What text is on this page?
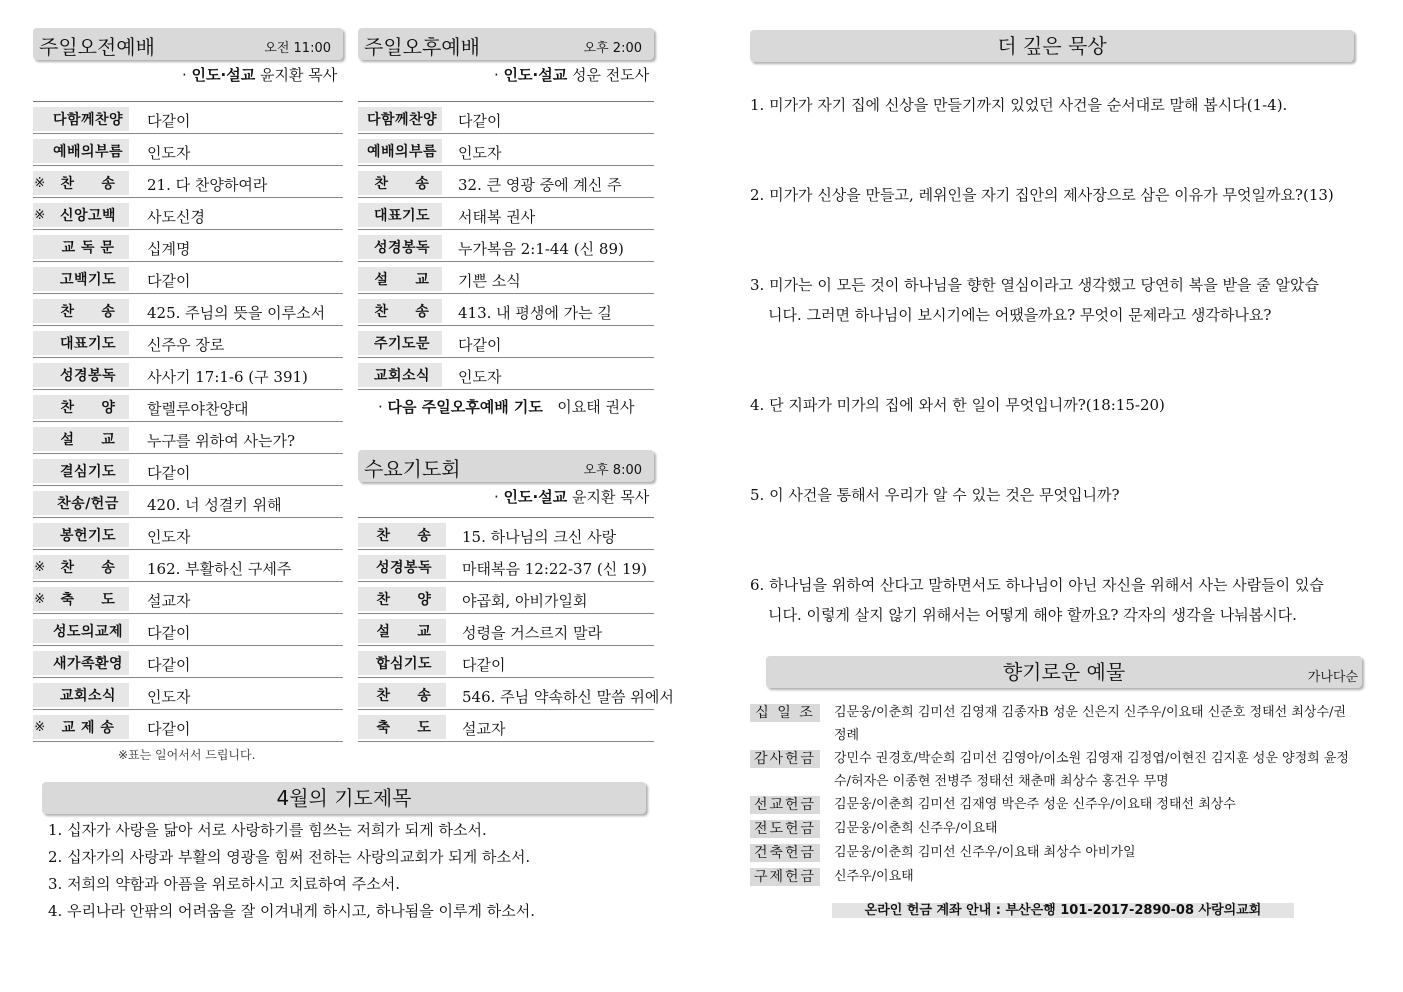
주일오전예배	오전 11:00
· 인도·설교 윤지환 목사
다함께찬양	다같이
예배의부름	인도자
※	찬     송	21. 다 찬양하여라
※	신앙고백	사도신경
교 독 문	십계명
고백기도	다같이
찬     송	425. 주님의 뜻을 이루소서
대표기도	신주우 장로
성경봉독	사사기 17:1-6 (구 391)
찬     양	할렐루야찬양대
설     교	누구를 위하여 사는가?
결심기도	다같이
찬송/헌금	420. 너 성결키 위해
봉헌기도	인도자
※	찬     송	162. 부활하신 구세주
※	축     도	설교자
성도의교제	다같이
새가족환영	다같이
교회소식	인도자
※	교 제 송	다같이
※표는 일어서서 드립니다.
주일오후예배	오후 2:00
· 인도·설교 성운 전도사
다함께찬양	다같이
예배의부름	인도자
찬     송	32. 큰 영광 중에 계신 주
대표기도	서태복 권사
성경봉독	누가복음 2:1-44 (신 89)
설     교	기쁜 소식
찬     송	413. 내 평생에 가는 길
주기도문	다같이
교회소식	인도자
· 다음 주일오후예배 기도 이요태 권사
수요기도회	오후 8:00
· 인도·설교 윤지환 목사
찬     송	15. 하나님의 크신 사랑
성경봉독	마태복음 12:22-37 (신 19)
찬     양	야곱회, 아비가일회
설     교	성령을 거스르지 말라
합심기도	다같이
찬     송	546. 주님 약속하신 말씀 위에서
축     도	설교자
4월의 기도제목
1. 십자가 사랑을 닮아 서로 사랑하기를 힘쓰는 저희가 되게 하소서.
2. 십자가의 사랑과 부활의 영광을 힘써 전하는 사랑의교회가 되게 하소서.
3. 저희의 약함과 아픔을 위로하시고 치료하여 주소서.
4. 우리나라 안팎의 어려움을 잘 이겨내게 하시고, 하나됨을 이루게 하소서.
더 깊은 묵상
1. 미가가 자기 집에 신상을 만들기까지 있었던 사건을 순서대로 말해 봅시다(1-4).
2. 미가가 신상을 만들고, 레위인을 자기 집안의 제사장으로 삼은 이유가 무엇일까요?(13)
3. 미가는 이 모든 것이 하나님을 향한 열심이라고 생각했고 당연히 복을 받을 줄 알았습
니다. 그러면 하나님이 보시기에는 어땠을까요? 무엇이 문제라고 생각하나요?
4. 단 지파가 미가의 집에 와서 한 일이 무엇입니까?(18:15-20)
5. 이 사건을 통해서 우리가 알 수 있는 것은 무엇입니까?
6. 하나님을 위하여 산다고 말하면서도 하나님이 아닌 자신을 위해서 사는 사람들이 있습
니다. 이렇게 살지 않기 위해서는 어떻게 해야 할까요? 각자의 생각을 나눠봅시다.
향기로운 예물	가나다순
십 일 조	김문웅/이춘희 김미선 김영재 김종자B 성운 신은지 신주우/이요태 신준호 정태선 최상수/권정례
감사헌금	강민수 권경호/박순희 김미선 김영아/이소원 김영재 김정엽/이현진 김지훈 성운 양정희 윤정수/허자은 이종현 전병주 정태선 채춘매 최상수 홍건우 무명
선교헌금	김문웅/이춘희 김미선 김재영 박은주 성운 신주우/이요태 정태선 최상수
전도헌금	김문웅/이춘희 신주우/이요태
건축헌금	김문웅/이춘희 김미선 신주우/이요태 최상수 아비가일
구제헌금	신주우/이요태
온라인 헌금 계좌 안내 : 부산은행 101-2017-2890-08 사랑의교회
